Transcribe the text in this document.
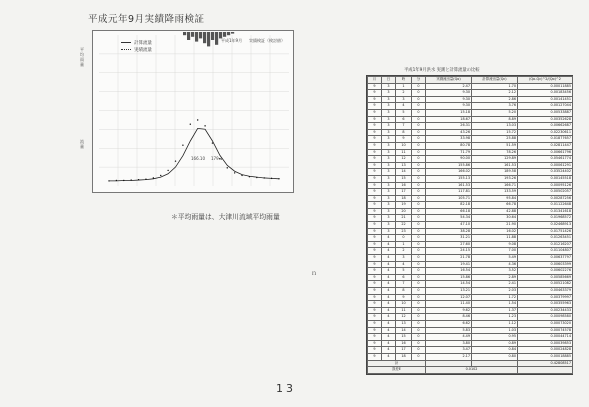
平成元年9月実績降雨検証
平均雨量
流量
計算流量
実績流量
平成1年9月 実績検証（検討値）
166.10 179.1
＊平均雨量は、大津川流域平均雨量
ｎ
13
平成1年9月洪水 実測と計算流量の比較
月	日	時	分	実測流出量(Qo)	計算流出量(Qc)	(Qo-Qc)^2/(Qo)^2
9	3	1	0	2.47	1.70	0.00011885
9	3	2	0	9.30	2.12	0.00183456
9	3	3	0	9.30	2.86	0.00141451
9	3	4	0	9.30	3.76	0.00127044
9	3	5	0	15.18	5.20	0.00533887
9	3	6	0	18.67	8.89	0.00352628
9	3	7	0	26.31	13.03	0.00662687
9	3	8	0	43.26	15.72	0.02230611
9	3	9	0	33.98	25.88	0.01877657
9	3	10	0	80.78	51.59	0.02811447
9	3	11	0	71.79	78.26	0.00661796
9	3	12	0	90.00	129.89	0.05461774
9	3	13	0	155.86	161.53	0.00061291
9	3	14	0	166.02	189.58	0.03524402
9	3	15	0	155.13	193.26	0.00145518
9	3	16	0	161.53	166.71	0.00095126
9	3	17	0	117.81	133.59	0.00502057
9	3	18	0	105.71	95.84	0.00287256
9	3	19	0	82.18	66.78	0.01122648
9	3	20	0	66.18	42.88	0.01341618
9	3	21	0	54.34	30.64	0.01968572
9	3	22	0	47.10	21.90	0.02468913
9	3	23	0	38.28	16.02	0.01751426
9	4	0	0	31.21	11.88	0.01263451
9	4	1	0	27.60	9.08	0.01216207
9	4	2	0	24.15	7.00	0.01104807
9	4	3	0	21.78	5.49	0.00637797
9	4	4	0	19.41	4.36	0.00603399
9	4	5	0	16.54	3.52	0.00602276
9	4	6	0	15.86	2.89	0.00585669
9	4	7	0	14.54	2.41	0.00521082
9	4	8	0	13.21	2.03	0.00463379
9	4	9	0	12.07	1.72	0.00379997
9	4	10	0	11.40	1.54	0.00355963
9	4	11	0	9.62	1.37	0.00234433
9	4	12	0	8.46	1.23	0.00098580
9	4	13	0	6.62	1.12	0.00073020
9	4	14	0	5.83	1.03	0.00074578
9	4	15	0	4.49	0.95	0.00044714
9	4	16	0	3.80	0.89	0.00039853
9	4	17	0	3.47	0.84	0.00024828
9	4	18	0	2.17	0.80	0.00018885
計						0.42808517
誤差E				0.0102		
